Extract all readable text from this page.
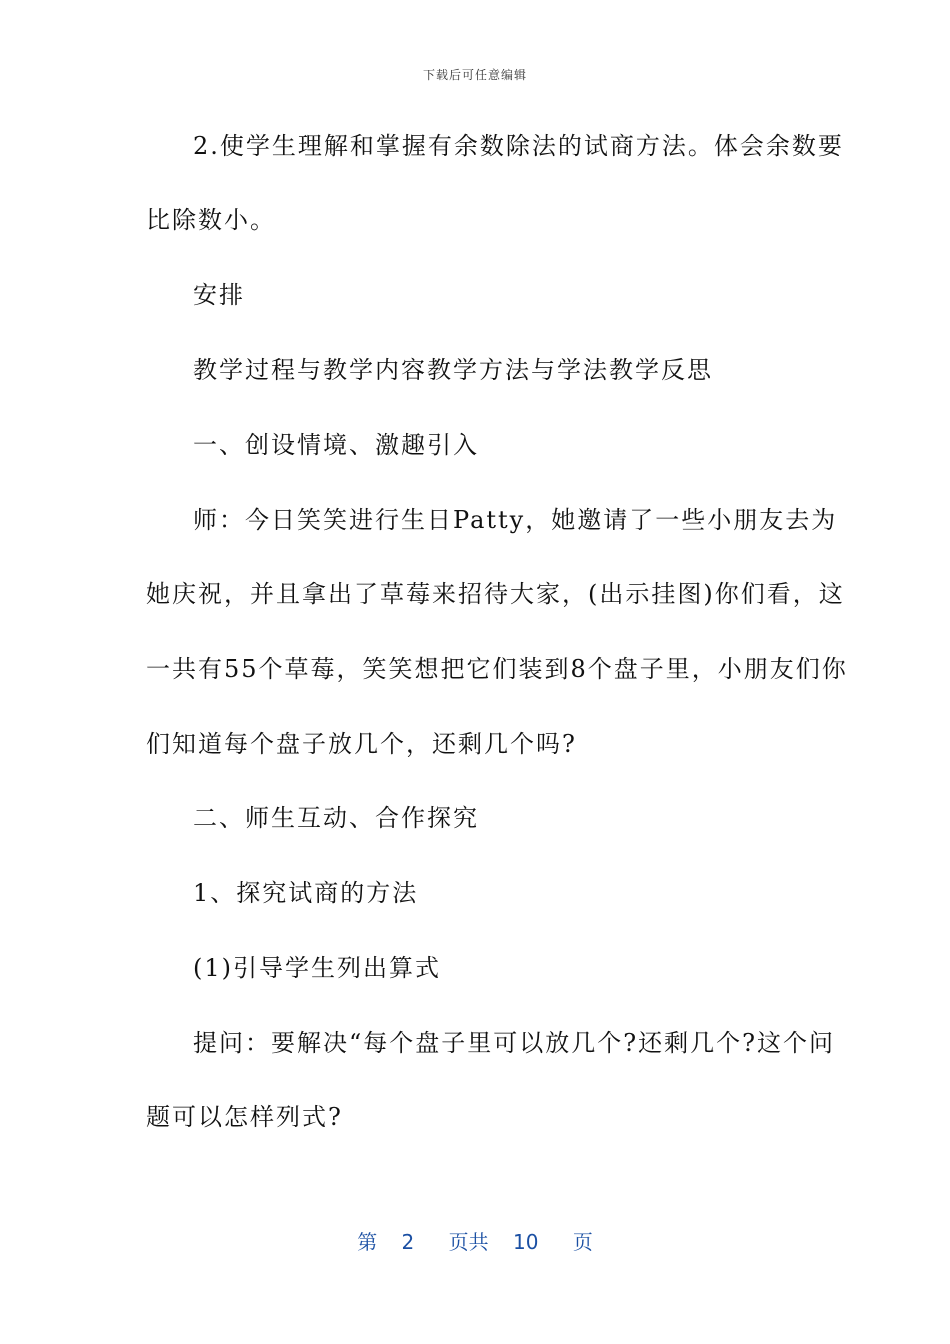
下载后可任意编辑
2.使学生理解和掌握有余数除法的试商方法。体会余数要
比除数小。
安排
教学过程与教学内容教学方法与学法教学反思
一、创设情境、激趣引入
师：今日笑笑进行生日Patty，她邀请了一些小朋友去为
她庆祝，并且拿出了草莓来招待大家，(出示挂图)你们看，这
一共有55个草莓，笑笑想把它们装到8个盘子里，小朋友们你
们知道每个盘子放几个，还剩几个吗?
二、师生互动、合作探究
1、探究试商的方法
(1)引导学生列出算式
提问：要解决“每个盘子里可以放几个?还剩几个?这个问
题可以怎样列式?
第 2 页共 10 页
